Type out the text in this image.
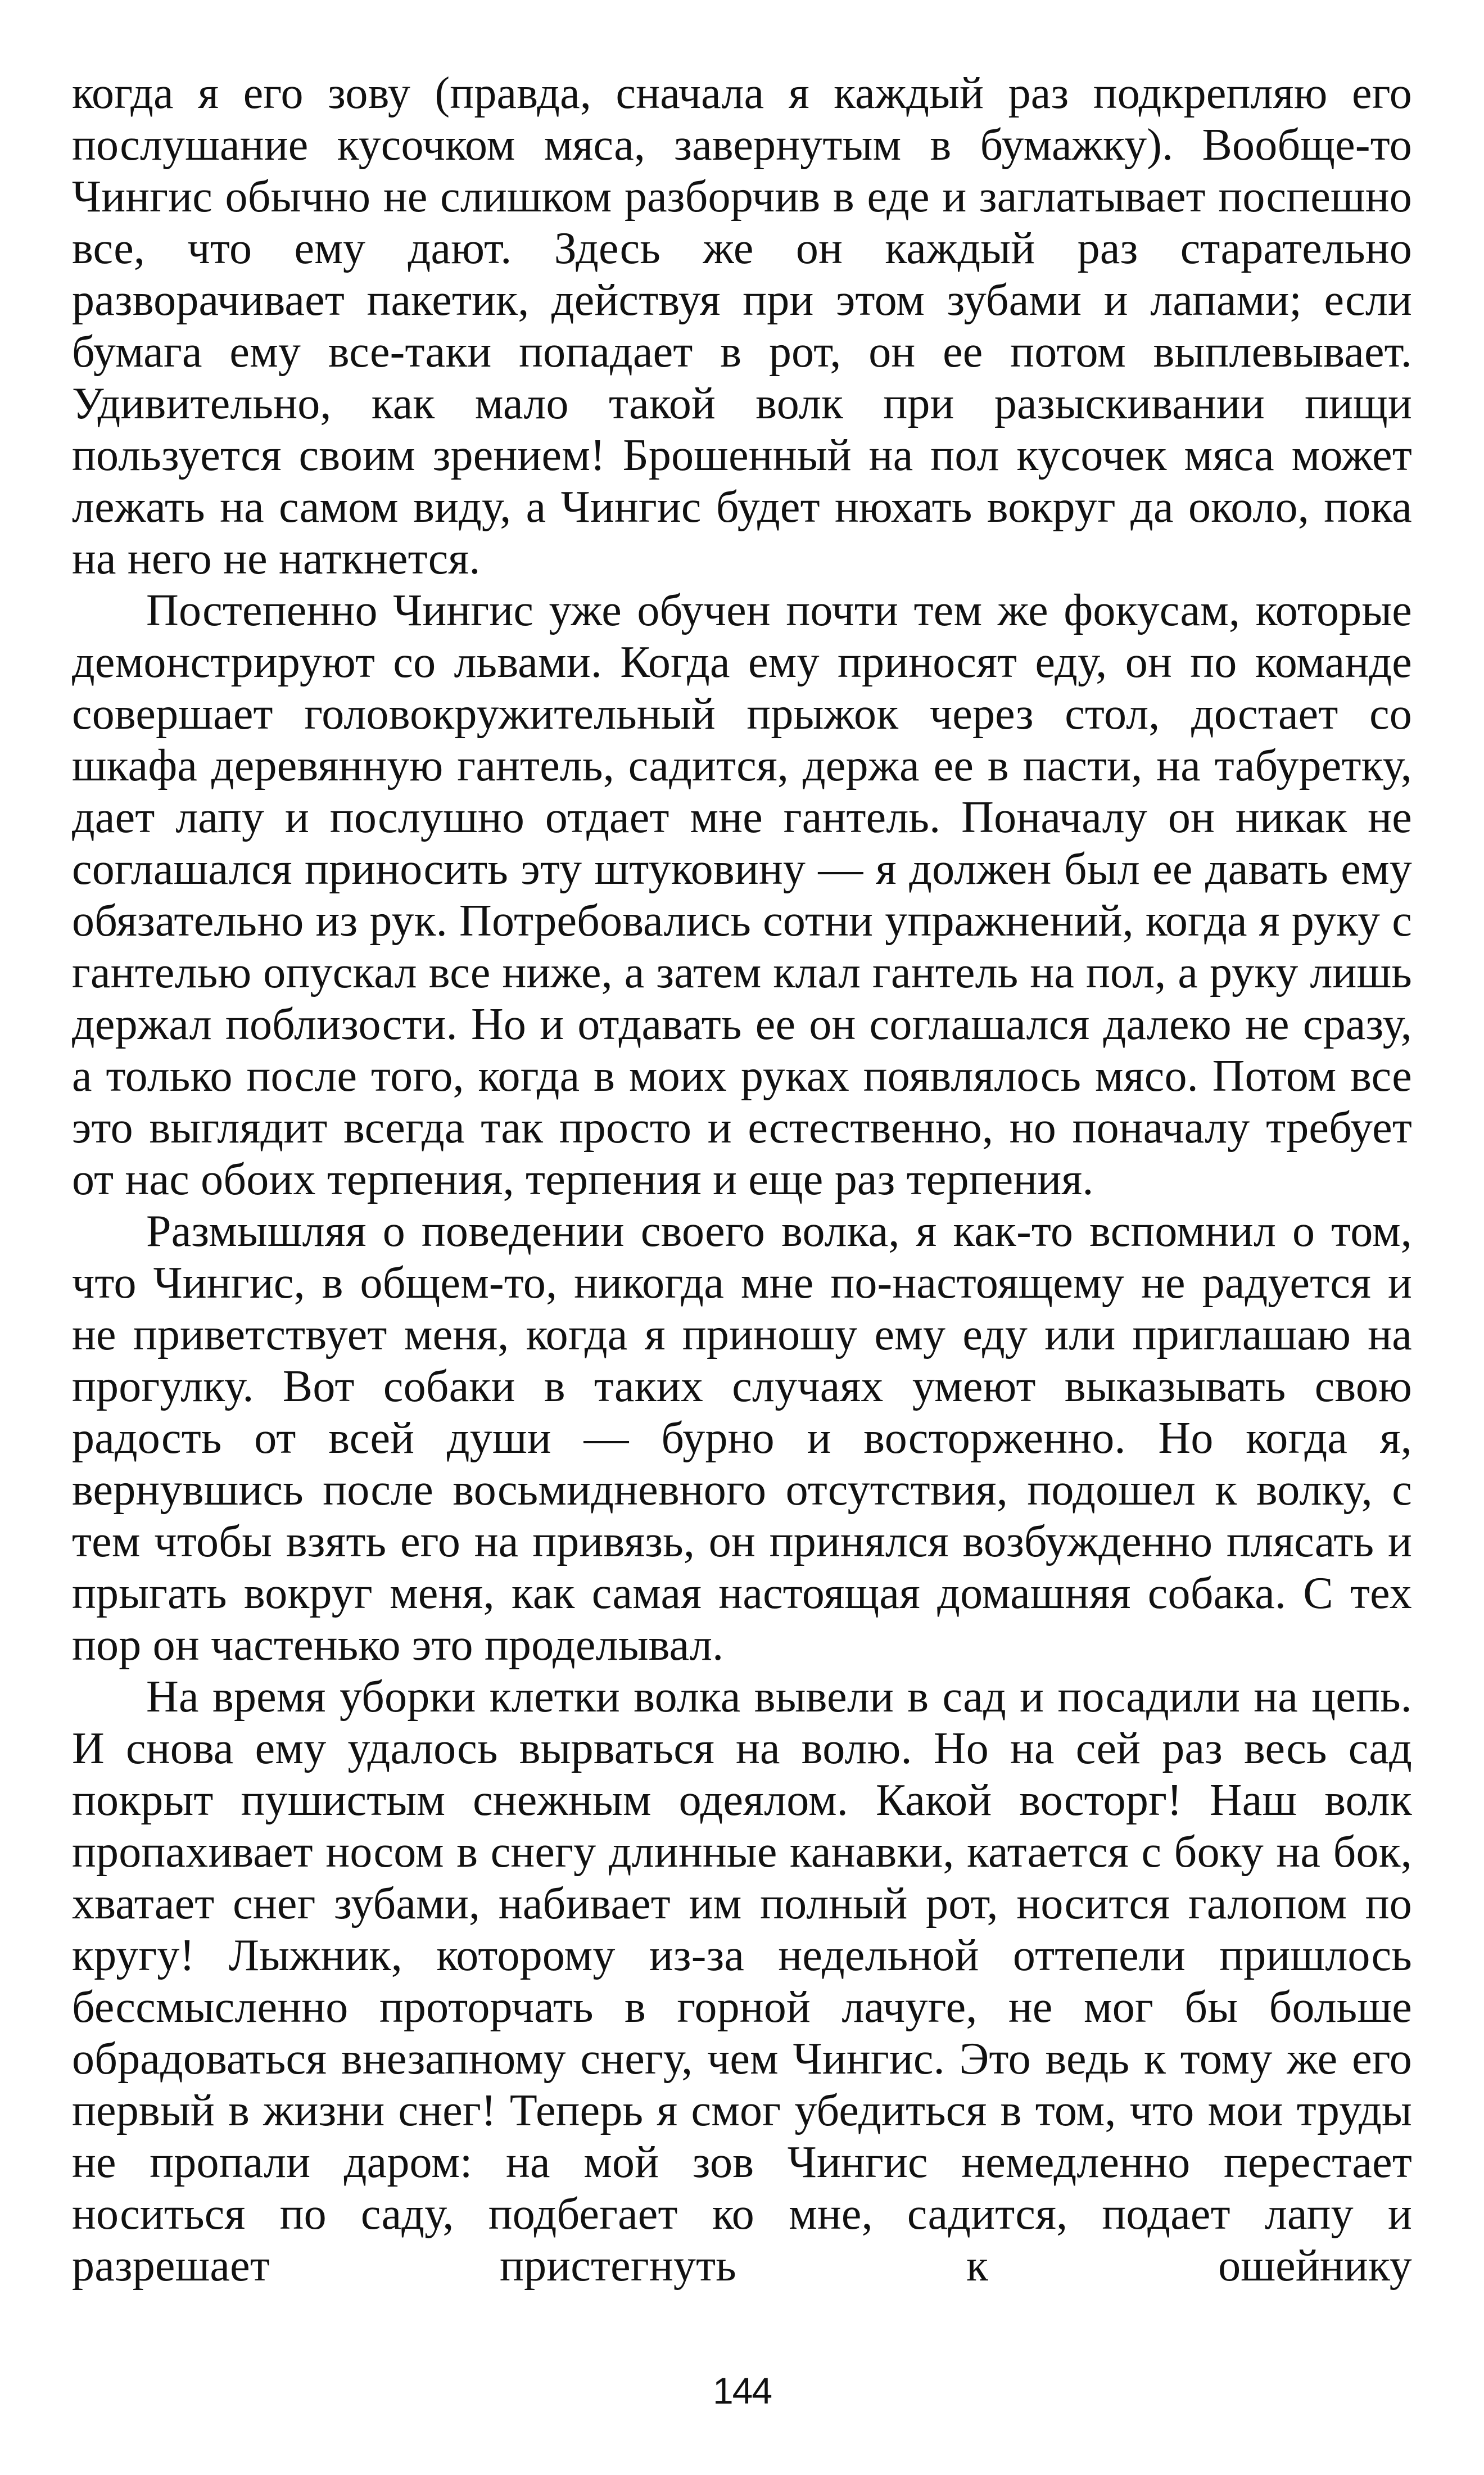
когда я его зову (правда, сначала я каждый раз подкрепляю его послушание кусочком мяса, завернутым в бумажку). Вообще-то Чингис обычно не слишком разборчив в еде и заглатывает поспешно все, что ему дают. Здесь же он каждый раз старательно разворачивает пакетик, действуя при этом зубами и лапами; если бумага ему все-таки попадает в рот, он ее потом выплевывает. Удивительно, как мало такой волк при разыскивании пищи пользуется своим зрением! Брошенный на пол кусочек мяса может лежать на самом виду, а Чингис будет нюхать вокруг да около, пока на него не наткнется.

Постепенно Чингис уже обучен почти тем же фокусам, которые демонстрируют со львами. Когда ему приносят еду, он по команде совершает головокружительный прыжок через стол, достает со шкафа деревянную гантель, садится, держа ее в пасти, на табуретку, дает лапу и послушно отдает мне гантель. Поначалу он никак не соглашался приносить эту штуковину — я должен был ее давать ему обязательно из рук. Потребовались сотни упражнений, когда я руку с гантелью опускал все ниже, а затем клал гантель на пол, а руку лишь держал поблизости. Но и отдавать ее он соглашался далеко не сразу, а только после того, когда в моих руках появлялось мясо. Потом все это выглядит всегда так просто и естественно, но поначалу требует от нас обоих терпения, терпения и еще раз терпения.

Размышляя о поведении своего волка, я как-то вспомнил о том, что Чингис, в общем-то, никогда мне по-настоящему не радуется и не приветствует меня, когда я приношу ему еду или приглашаю на прогулку. Вот собаки в таких случаях умеют выказывать свою радость от всей души — бурно и восторженно. Но когда я, вернувшись после восьмидневного отсутствия, подошел к волку, с тем чтобы взять его на привязь, он принялся возбужденно плясать и прыгать вокруг меня, как самая настоящая домашняя собака. С тех пор он частенько это проделывал.

На время уборки клетки волка вывели в сад и посадили на цепь. И снова ему удалось вырваться на волю. Но на сей раз весь сад покрыт пушистым снежным одеялом. Какой восторг! Наш волк пропахивает носом в снегу длинные канавки, катается с боку на бок, хватает снег зубами, набивает им полный рот, носится галопом по кругу! Лыжник, которому из-за недельной оттепели пришлось бессмысленно проторчать в горной лачуге, не мог бы больше обрадоваться внезапному снегу, чем Чингис. Это ведь к тому же его первый в жизни снег! Теперь я смог убедиться в том, что мои труды не пропали даром: на мой зов Чингис немедленно перестает носиться по саду, подбегает ко мне, садится, подает лапу и разрешает пристегнуть к ошейнику

144
